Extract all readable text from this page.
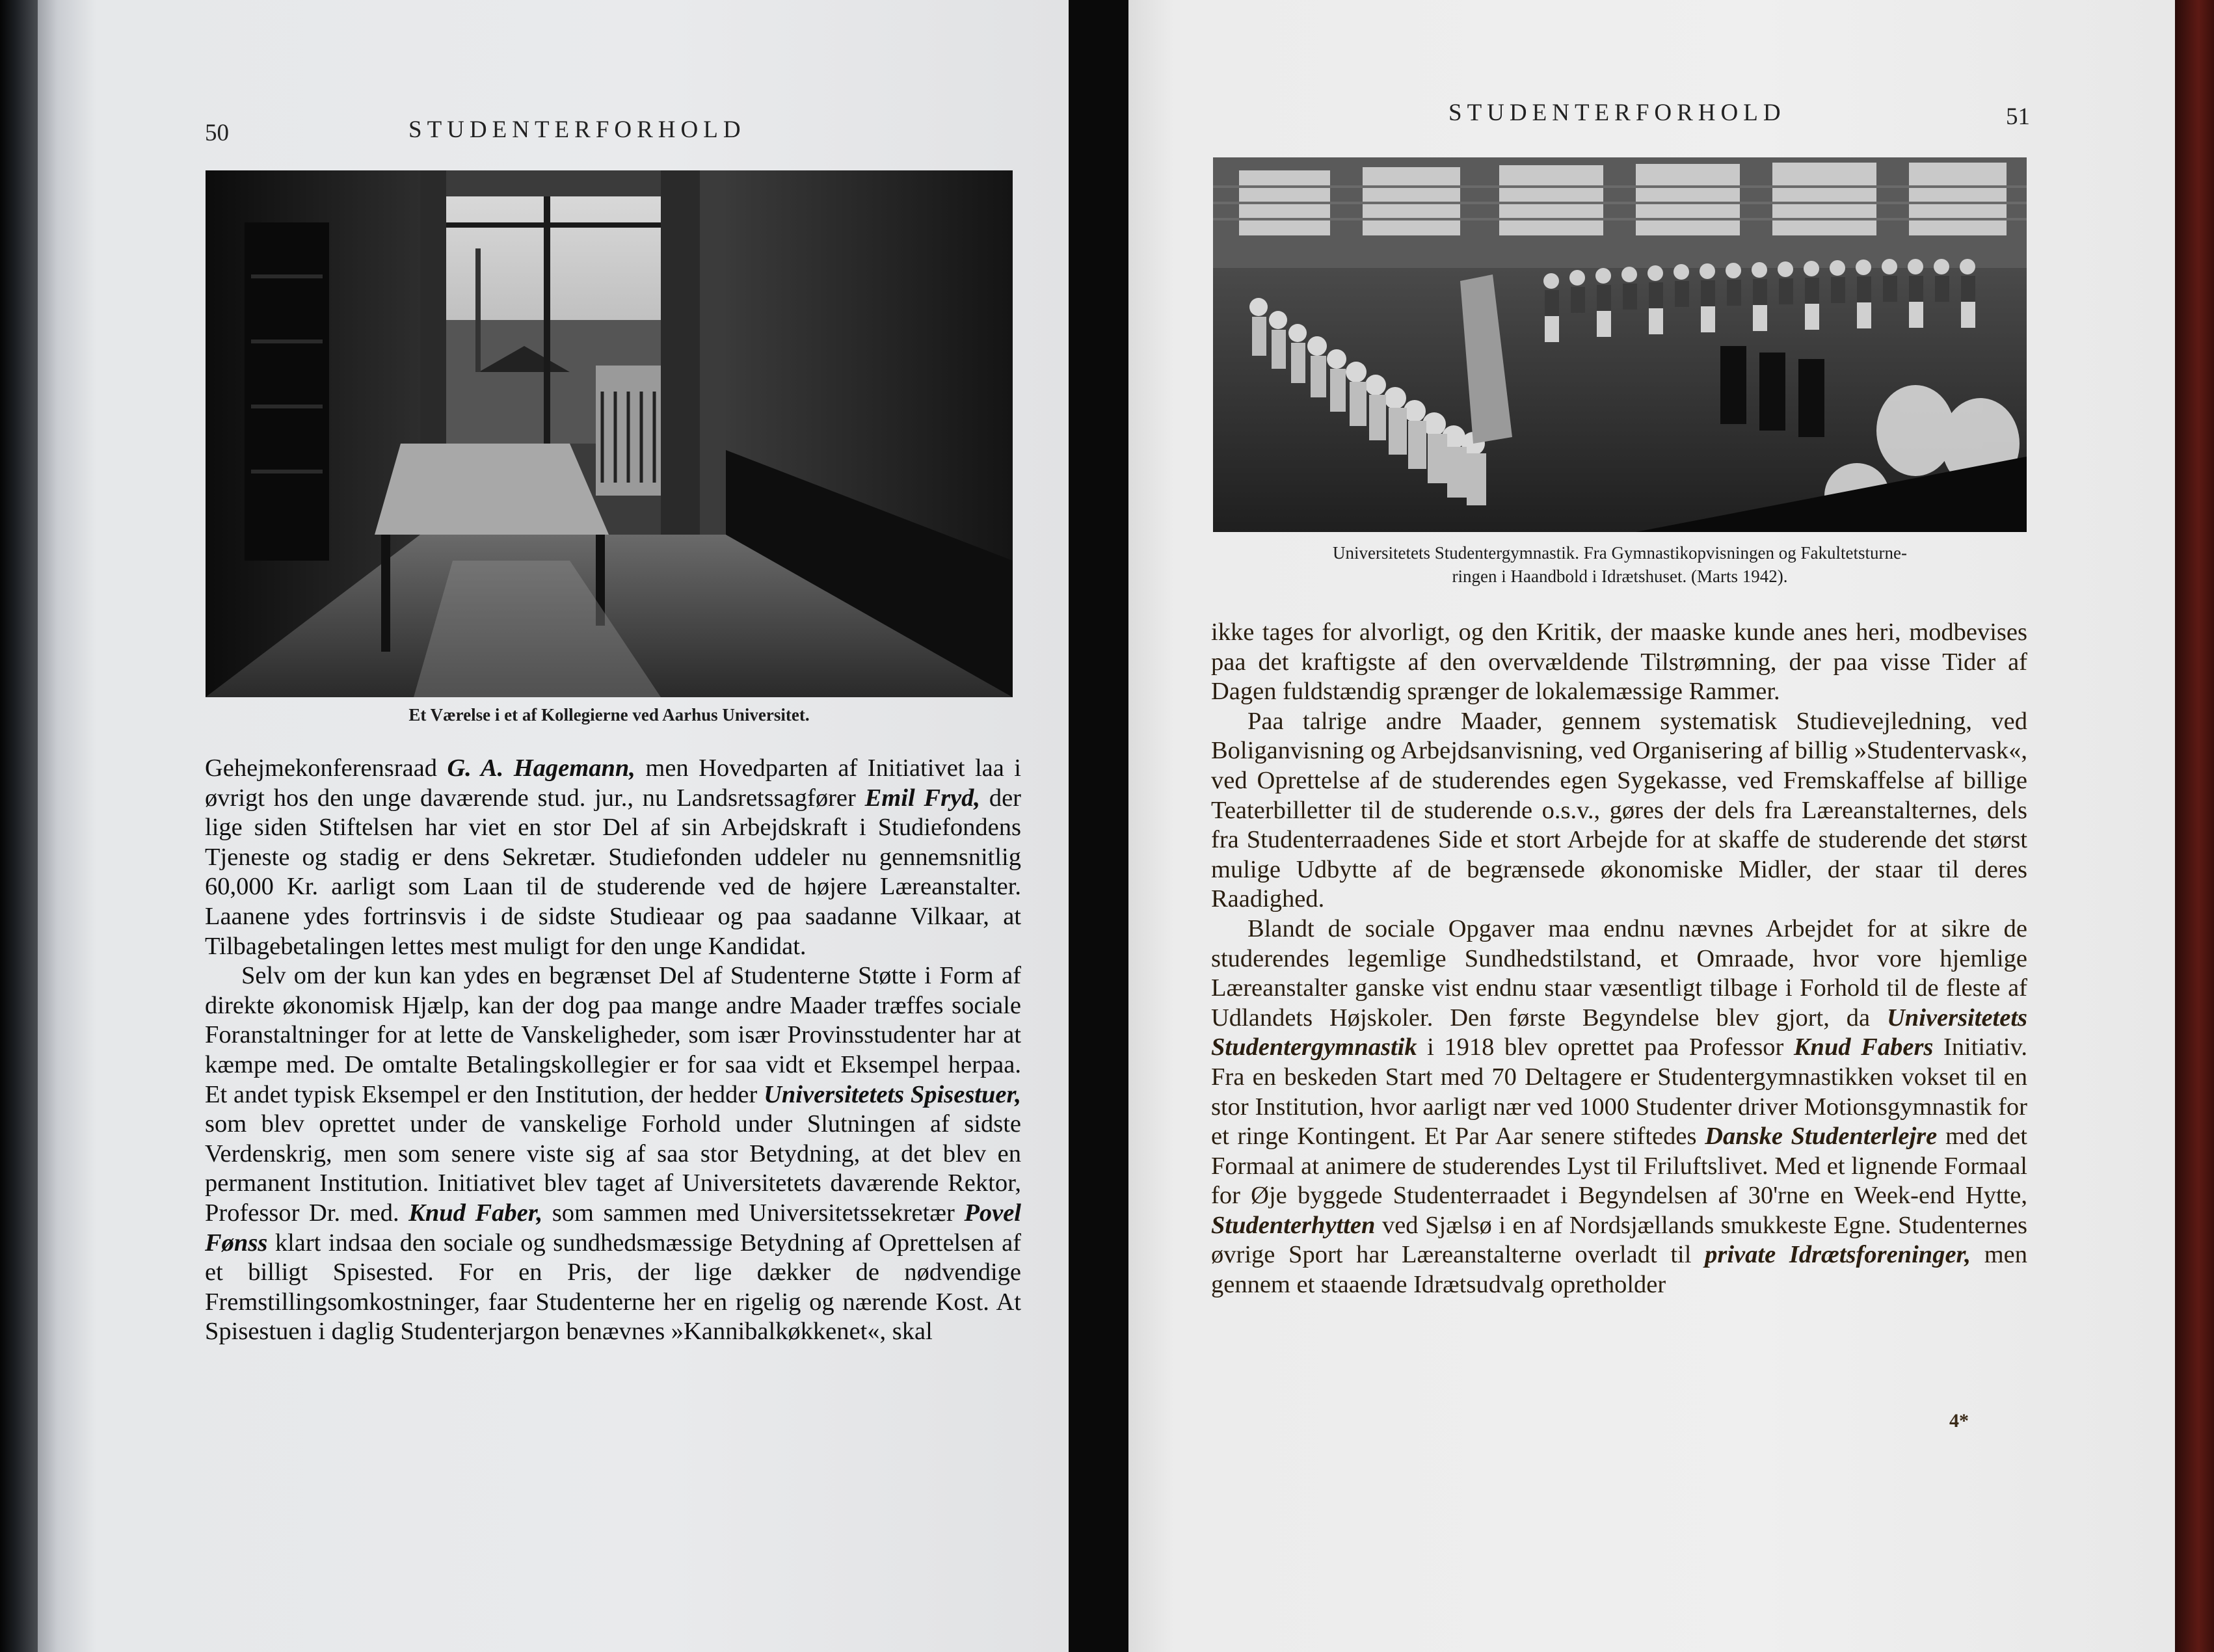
50	STUDENTERFORHOLD
Et Værelse i et af Kollegierne ved Aarhus Universitet.

Gehejmekonferensraad G. A. Hagemann, men Hovedparten af Initiativet laa i øvrigt hos den unge daværende stud. jur., nu Landsretssagfører Emil Fryd, der lige siden Stiftelsen har viet en stor Del af sin Arbejdskraft i Studiefondens Tjeneste og stadig er dens Sekretær. Studiefonden uddeler nu gennemsnitlig 60,000 Kr. aarligt som Laan til de studerende ved de højere Læreanstalter. Laanene ydes fortrinsvis i de sidste Studieaar og paa saadanne Vilkaar, at Tilbagebetalingen lettes mest muligt for den unge Kandidat.

Selv om der kun kan ydes en begrænset Del af Studenterne Støtte i Form af direkte økonomisk Hjælp, kan der dog paa mange andre Maader træffes sociale Foranstaltninger for at lette de Vanskeligheder, som især Provinsstudenter har at kæmpe med. De omtalte Betalingskollegier er for saa vidt et Eksempel herpaa. Et andet typisk Eksempel er den Institution, der hedder Universitetets Spisestuer, som blev oprettet under de vanskelige Forhold under Slutningen af sidste Verdenskrig, men som senere viste sig af saa stor Betydning, at det blev en permanent Institution. Initiativet blev taget af Universitetets daværende Rektor, Professor Dr. med. Knud Faber, som sammen med Universitetssekretær Povel Fønss klart indsaa den sociale og sundhedsmæssige Betydning af Oprettelsen af et billigt Spisested. For en Pris, der lige dækker de nødvendige Fremstillingsomkostninger, faar Studenterne her en rigelig og nærende Kost. At Spisestuen i daglig Studenterjargon benævnes »Kannibalkøkkenet«, skal

STUDENTERFORHOLD	51
Universitetets Studentergymnastik. Fra Gymnastikopvisningen og Fakultetsturne-
ringen i Haandbold i Idrætshuset. (Marts 1942).

ikke tages for alvorligt, og den Kritik, der maaske kunde anes heri, modbevises paa det kraftigste af den overvældende Tilstrømning, der paa visse Tider af Dagen fuldstændig sprænger de lokalemæssige Rammer.

Paa talrige andre Maader, gennem systematisk Studievejledning, ved Boliganvisning og Arbejdsanvisning, ved Organisering af billig »Studentervask«, ved Oprettelse af de studerendes egen Sygekasse, ved Fremskaffelse af billige Teaterbilletter til de studerende o.s.v., gøres der dels fra Læreanstalternes, dels fra Studenterraadenes Side et stort Arbejde for at skaffe de studerende det størst mulige Udbytte af de begrænsede økonomiske Midler, der staar til deres Raadighed.

Blandt de sociale Opgaver maa endnu nævnes Arbejdet for at sikre de studerendes legemlige Sundhedstilstand, et Omraade, hvor vore hjemlige Læreanstalter ganske vist endnu staar væsentligt tilbage i Forhold til de fleste af Udlandets Højskoler. Den første Begyndelse blev gjort, da Universitetets Studentergymnastik i 1918 blev oprettet paa Professor Knud Fabers Initiativ. Fra en beskeden Start med 70 Deltagere er Studentergymnastikken vokset til en stor Institution, hvor aarligt nær ved 1000 Studenter driver Motionsgymnastik for et ringe Kontingent. Et Par Aar senere stiftedes Danske Studenterlejre med det Formaal at animere de studerendes Lyst til Friluftslivet. Med et lignende Formaal for Øje byggede Studenterraadet i Begyndelsen af 30'rne en Week-end Hytte, Studenterhytten ved Sjælsø i en af Nordsjællands smukkeste Egne. Studenternes øvrige Sport har Læreanstalterne overladt til private Idrætsforeninger, men gennem et staaende Idrætsudvalg opretholder

4*
